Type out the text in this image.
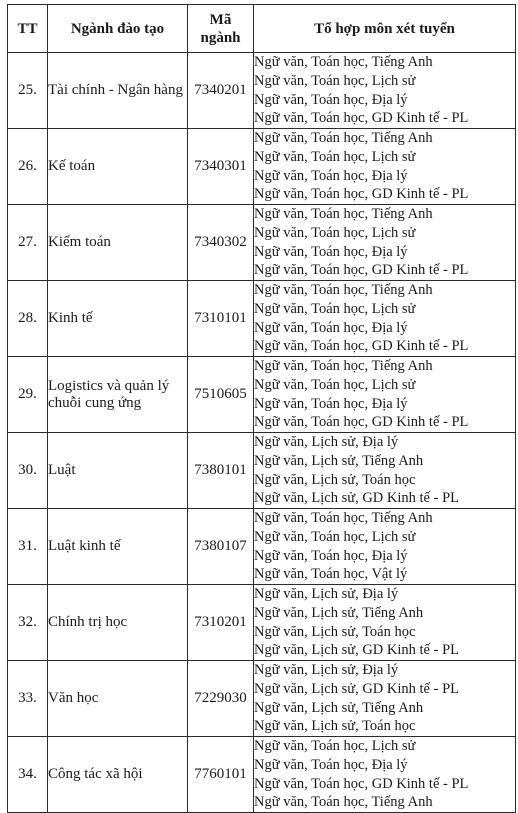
TT	Ngành đào tạo	Mã
ngành	Tổ hợp môn xét tuyển
25.	Tài chính - Ngân hàng	7340201	Ngữ văn, Toán học, Tiếng Anh
Ngữ văn, Toán học, Lịch sử
Ngữ văn, Toán học, Địa lý
Ngữ văn, Toán học, GD Kinh tế - PL

26.	Kế toán	7340301	Ngữ văn, Toán học, Tiếng Anh
Ngữ văn, Toán học, Lịch sử
Ngữ văn, Toán học, Địa lý
Ngữ văn, Toán học, GD Kinh tế - PL

27.	Kiểm toán	7340302	Ngữ văn, Toán học, Tiếng Anh
Ngữ văn, Toán học, Lịch sử
Ngữ văn, Toán học, Địa lý
Ngữ văn, Toán học, GD Kinh tế - PL

28.	Kinh tế	7310101	Ngữ văn, Toán học, Tiếng Anh
Ngữ văn, Toán học, Lịch sử
Ngữ văn, Toán học, Địa lý
Ngữ văn, Toán học, GD Kinh tế - PL

29.	Logistics và quản lý chuỗi cung ứng	7510605	Ngữ văn, Toán học, Tiếng Anh
Ngữ văn, Toán học, Lịch sử
Ngữ văn, Toán học, Địa lý
Ngữ văn, Toán học, GD Kinh tế - PL

30.	Luật	7380101	Ngữ văn, Lịch sử, Địa lý
Ngữ văn, Lịch sử, Tiếng Anh
Ngữ văn, Lịch sử, Toán học
Ngữ văn, Lịch sử, GD Kinh tế - PL

31.	Luật kinh tế	7380107	Ngữ văn, Toán học, Tiếng Anh
Ngữ văn, Toán học, Lịch sử
Ngữ văn, Toán học, Địa lý
Ngữ văn, Toán học, Vật lý

32.	Chính trị học	7310201	Ngữ văn, Lịch sử, Địa lý
Ngữ văn, Lịch sử, Tiếng Anh
Ngữ văn, Lịch sử, Toán học
Ngữ văn, Lịch sử, GD Kinh tế - PL

33.	Văn học	7229030	Ngữ văn, Lịch sử, Địa lý
Ngữ văn, Lịch sử, GD Kinh tế - PL
Ngữ văn, Lịch sử, Tiếng Anh
Ngữ văn, Lịch sử, Toán học

34.	Công tác xã hội	7760101	Ngữ văn, Toán học, Lịch sử
Ngữ văn, Toán học, Địa lý
Ngữ văn, Toán học, GD Kinh tế - PL
Ngữ văn, Toán học, Tiếng Anh
